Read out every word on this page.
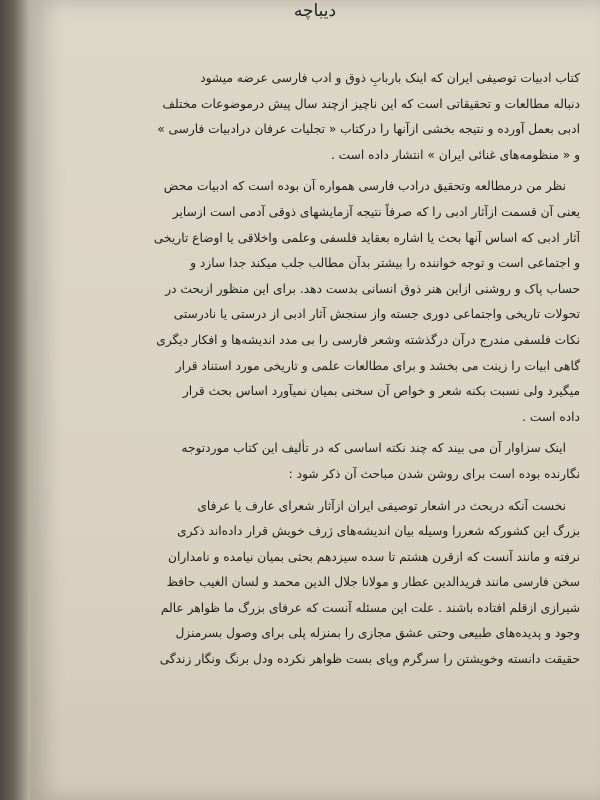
دیباچه

کتاب ادبیات توصیفی ایران که اینک باربابِ ذوق و ادب فارسی عرضه میشود
دنباله مطالعات و تحقیقاتی است که این ناچیز ازچند سال پیش درموضوعات مختلف
ادبی بعمل آورده و نتیجه بخشی ازآنها را درکتاب « تجلیات عرفان درادبیات فارسی »
و « منظومه‌های غنائی ایران » انتشار داده است .

نظر من درمطالعه وتحقیق درادب فارسی همواره آن بوده است که ادبیات محض
یعنی آن قسمت ازآثار ادبی را که صرفاً نتیجه آزمایشهای ذوقی آدمی است ازسایر
آثار ادبی که اساس آنها بحث یا اشاره بعقاید فلسفی وعلمی واخلاقی یا اوضاع تاریخی
و اجتماعی است و توجه خواننده را بیشتر بدآن مطالب جلب میکند جدا سازد و
حساب پاک و روشنی ازاین هنر ذوق انسانی بدست دهد. برای این منظور ازبحث در
تحولات تاریخی واجتماعی دوری جسته واز سنجش آثار ادبی از درستی یا نادرستی
نکات فلسفی مندرج درآن درگذشته وشعر فارسی را بی مدد اندیشه‌ها و افکار دیگری
گاهی ابیات را زینت می بخشد و برای مطالعات علمی و تاریخی مورد استناد قرار
میگیرد ولی نسبت بکنه شعر و خواص آن سخنی بمیان نمیآورد اساس بحث قرار
داده است .

اینک سزاوار آن می بیند که چند نکته اساسی که در تألیف این کتاب موردتوجه
نگارنده بوده است برای روشن شدن مباحث آن ذکر شود :

نخست آنکه دربحث در اشعار توصیفی ایران ازآثار شعرای عارف یا عرفای
بزرگ این کشورکه شعررا وسیله بیان اندیشه‌های ژرف خویش قرار داده‌اند ذکری
نرفته و مانند آنست که ازقرن هشتم تا سده سیزدهم بحثی بمیان نیامده و نامداران
سخن فارسی مانند فریدالدین عطار و مولانا جلال الدین محمد و لسان الغیب حافظ
شیرازی ازقلم افتاده باشند . علت این مسئله آنست که عرفای بزرگ ما ظواهر عالم
وجود و پدیده‌های طبیعی وحتی عشق مجازی را بمنزله پلی برای وصول بسرمنزل
حقیقت دانسته وخویشتن را سرگرم وپای بست ظواهر نکرده ودل برنگ ونگار زندگی
